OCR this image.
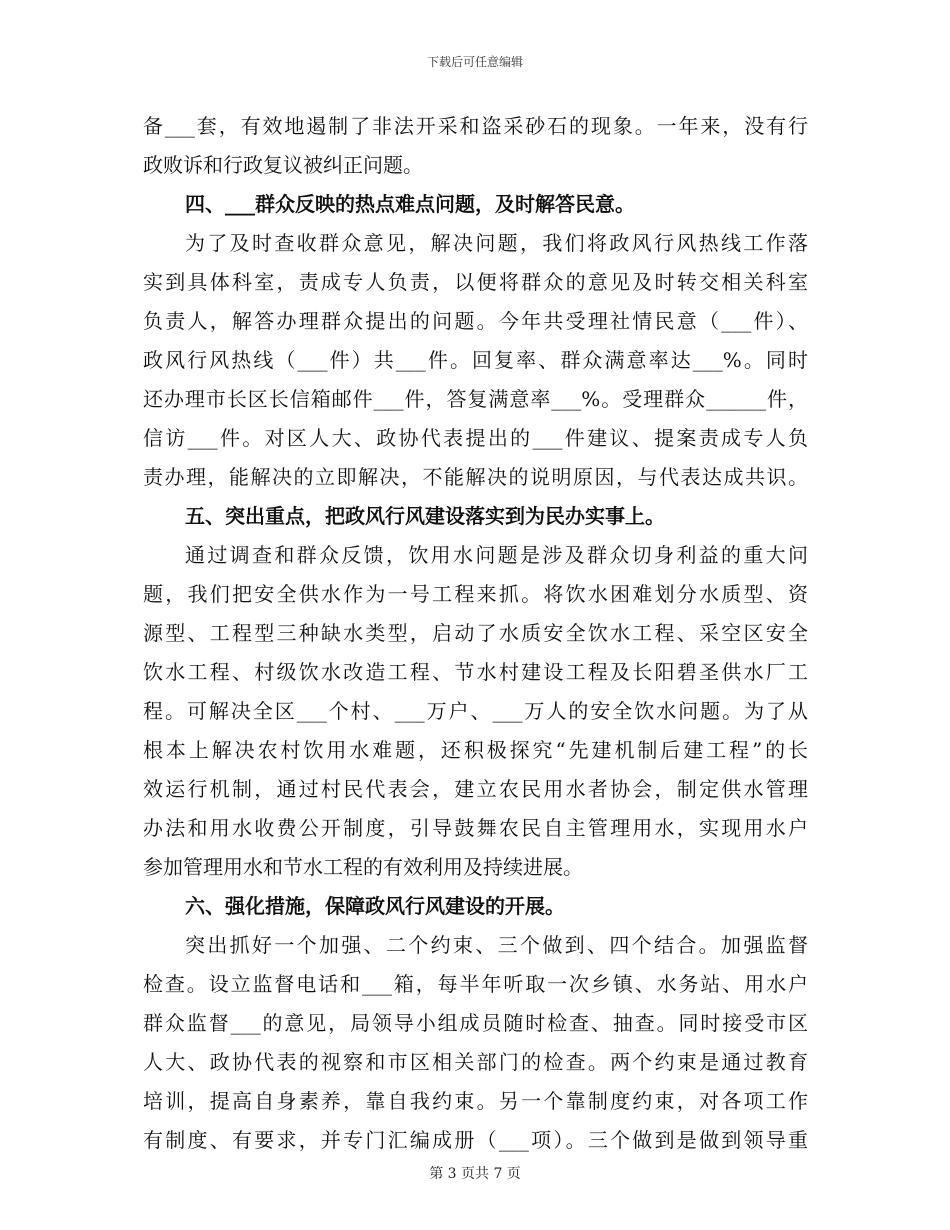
下载后可任意编辑
备___套，有效地遏制了非法开采和盗采砂石的现象。一年来，没有行
政败诉和行政复议被纠正问题。
四、___群众反映的热点难点问题，及时解答民意。
为了及时查收群众意见，解决问题，我们将政风行风热线工作落
实到具体科室，责成专人负责，以便将群众的意见及时转交相关科室
负责人，解答办理群众提出的问题。今年共受理社情民意（___件）、
政风行风热线（___件）共___件。回复率、群众满意率达___%。同时
还办理市长区长信箱邮件___件，答复满意率___%。受理群众______件，
信访___件。对区人大、政协代表提出的___件建议、提案责成专人负
责办理，能解决的立即解决，不能解决的说明原因，与代表达成共识。
五、突出重点，把政风行风建设落实到为民办实事上。
通过调查和群众反馈，饮用水问题是涉及群众切身利益的重大问
题，我们把安全供水作为一号工程来抓。将饮水困难划分水质型、资
源型、工程型三种缺水类型，启动了水质安全饮水工程、采空区安全
饮水工程、村级饮水改造工程、节水村建设工程及长阳碧圣供水厂工
程。可解决全区___个村、___万户、___万人的安全饮水问题。为了从
根本上解决农村饮用水难题，还积极探究“先建机制后建工程”的长
效运行机制，通过村民代表会，建立农民用水者协会，制定供水管理
办法和用水收费公开制度，引导鼓舞农民自主管理用水，实现用水户
参加管理用水和节水工程的有效利用及持续进展。
六、强化措施，保障政风行风建设的开展。
突出抓好一个加强、二个约束、三个做到、四个结合。加强监督
检查。设立监督电话和___箱，每半年听取一次乡镇、水务站、用水户
群众监督___的意见，局领导小组成员随时检查、抽查。同时接受市区
人大、政协代表的视察和市区相关部门的检查。两个约束是通过教育
培训，提高自身素养，靠自我约束。另一个靠制度约束，对各项工作
有制度、有要求，并专门汇编成册（___项）。三个做到是做到领导重
第 3 页共 7 页
